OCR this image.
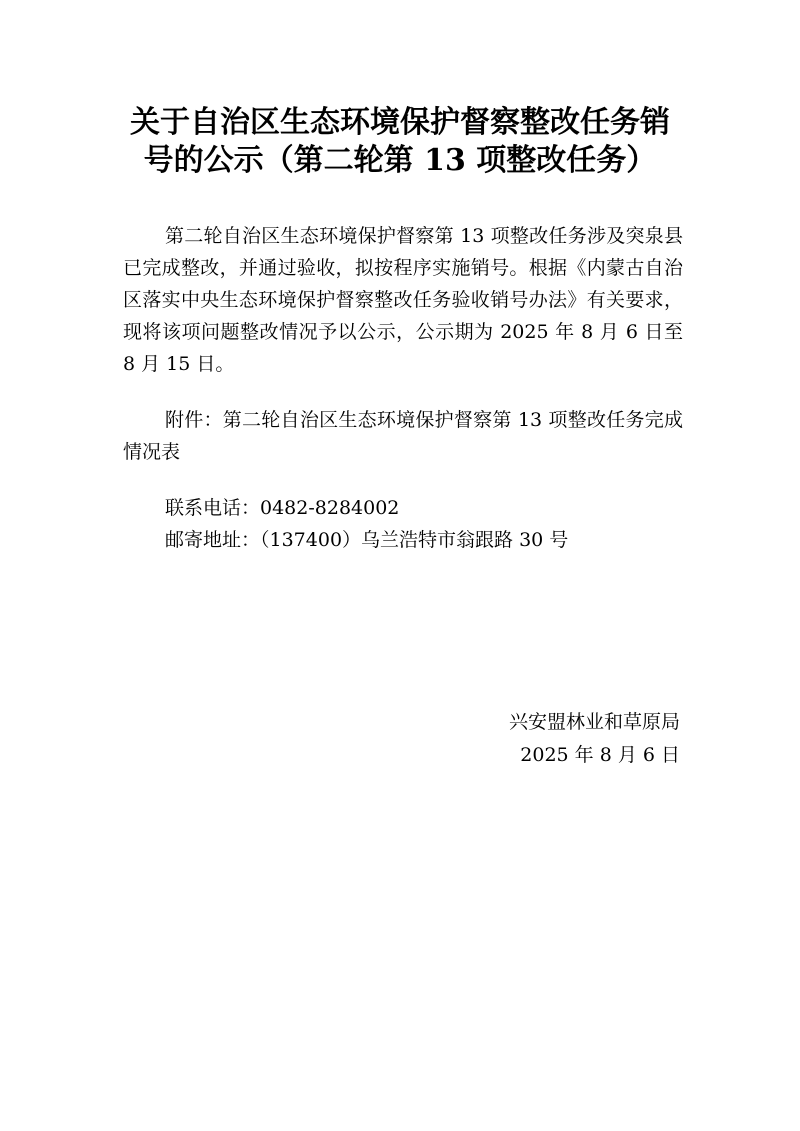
关于自治区生态环境保护督察整改任务销
号的公示（第二轮第 13 项整改任务）

第二轮自治区生态环境保护督察第 13 项整改任务涉及突泉县已完成整改，并通过验收，拟按程序实施销号。根据《内蒙古自治区落实中央生态环境保护督察整改任务验收销号办法》有关要求，现将该项问题整改情况予以公示，公示期为 2025 年 8 月 6 日至 8 月 15 日。

附件：第二轮自治区生态环境保护督察第 13 项整改任务完成情况表

联系电话：0482-8284002

邮寄地址：（137400）乌兰浩特市翁跟路 30 号

兴安盟林业和草原局
2025 年 8 月 6 日
